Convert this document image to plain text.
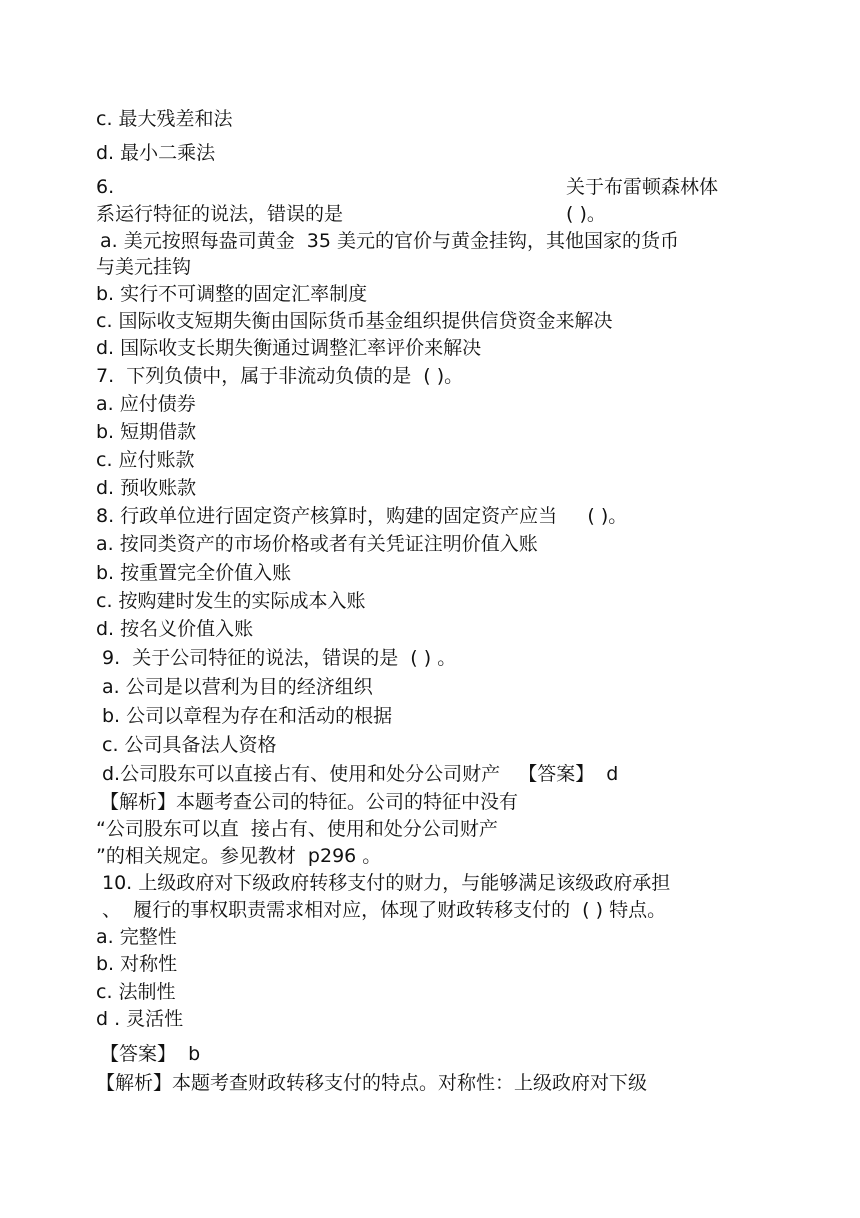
c. 最大残差和法

d. 最小二乘法

6.	关于布雷顿森林体

系运行特征的说法，错误的是	( )。

a. 美元按照每盎司黄金  35 美元的官价与黄金挂钩，其他国家的货币

与美元挂钩

b. 实行不可调整的固定汇率制度

c. 国际收支短期失衡由国际货币基金组织提供信贷资金来解决

d. 国际收支长期失衡通过调整汇率评价来解决

7.  下列负债中，属于非流动负债的是  ( )。

a. 应付债券

b. 短期借款

c. 应付账款

d. 预收账款

8. 行政单位进行固定资产核算时，购建的固定资产应当     ( )。

a. 按同类资产的市场价格或者有关凭证注明价值入账

b. 按重置完全价值入账

c. 按购建时发生的实际成本入账

d. 按名义价值入账

9.  关于公司特征的说法，错误的是  ( ) 。

a. 公司是以营利为目的经济组织

b. 公司以章程为存在和活动的根据

c. 公司具备法人资格

d.公司股东可以直接占有、使用和处分公司财产   【答案】  d

【解析】本题考查公司的特征。公司的特征中没有

“公司股东可以直  接占有、使用和处分公司财产

”的相关规定。参见教材  p296 。

10. 上级政府对下级政府转移支付的财力，与能够满足该级政府承担

、  履行的事权职责需求相对应，体现了财政转移支付的  ( ) 特点。

a. 完整性

b. 对称性

c. 法制性

d . 灵活性

【答案】  b

【解析】本题考查财政转移支付的特点。对称性：上级政府对下级
